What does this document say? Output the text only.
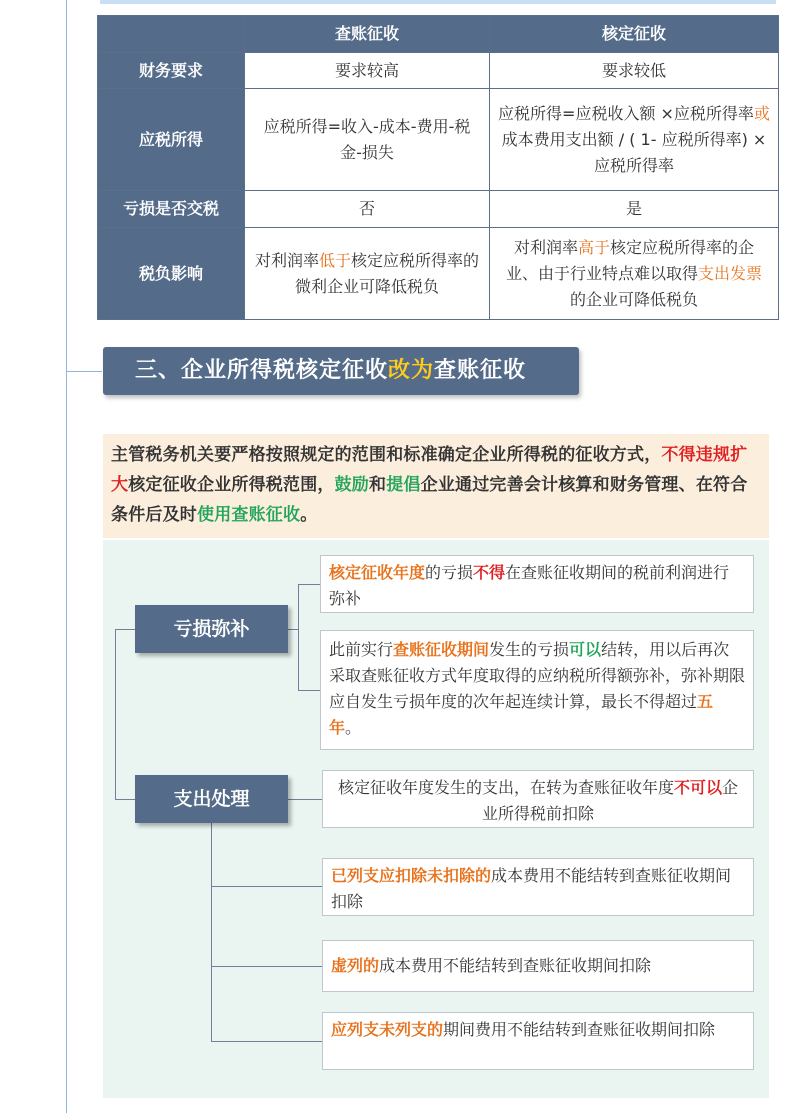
	查账征收	核定征收
财务要求	要求较高	要求较低
应税所得	应税所得=收入-成本-费用-税金-损失	应税所得=应税收入额 ×应税所得率或成本费用支出额 / ( 1- 应税所得率) × 应税所得率
亏损是否交税	否	是
税负影响	对利润率低于核定应税所得率的微利企业可降低税负	对利润率高于核定应税所得率的企业、由于行业特点难以取得支出发票的企业可降低税负
三、企业所得税核定征收改为查账征收
主管税务机关要严格按照规定的范围和标准确定企业所得税的征收方式，不得违规扩大核定征收企业所得税范围，鼓励和提倡企业通过完善会计核算和财务管理、在符合条件后及时使用查账征收。
亏损弥补
支出处理
核定征收年度的亏损不得在查账征收期间的税前利润进行弥补
此前实行查账征收期间发生的亏损可以结转，用以后再次采取查账征收方式年度取得的应纳税所得额弥补，弥补期限应自发生亏损年度的次年起连续计算，最长不得超过五年。
核定征收年度发生的支出，在转为查账征收年度不可以企业所得税前扣除
已列支应扣除未扣除的成本费用不能结转到查账征收期间扣除
虚列的成本费用不能结转到查账征收期间扣除
应列支未列支的期间费用不能结转到查账征收期间扣除
